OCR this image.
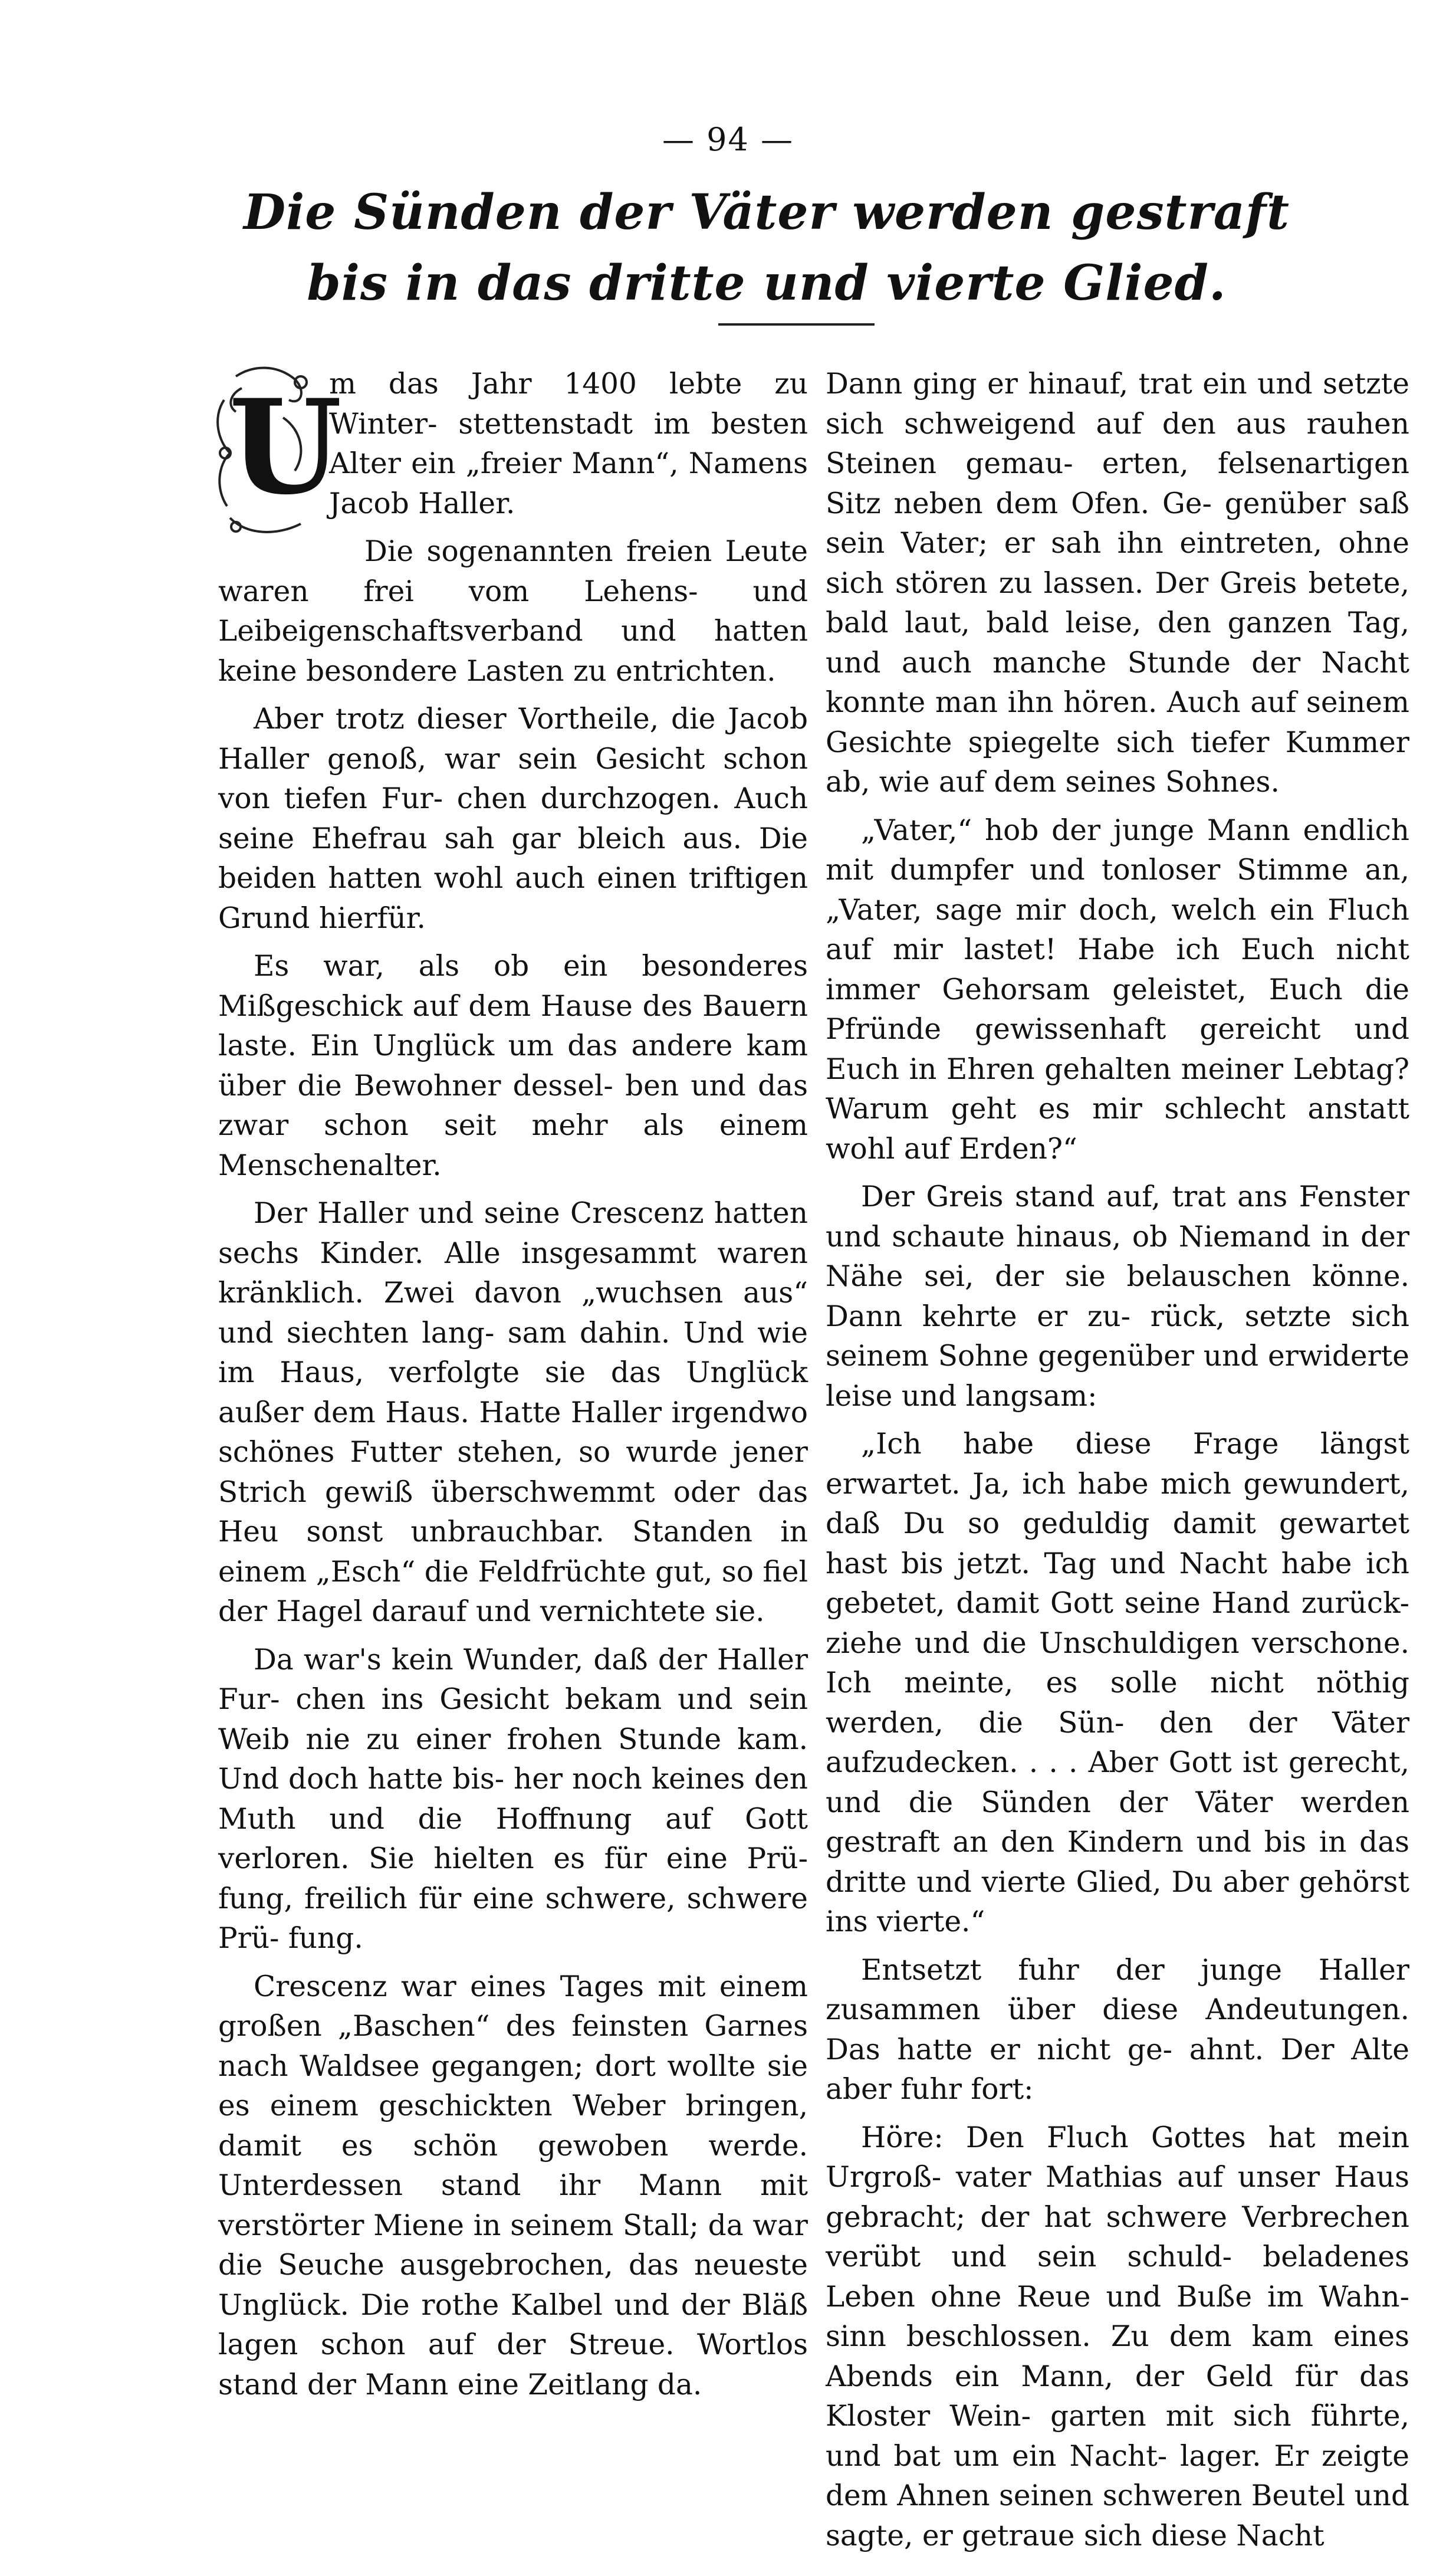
— 94 —
Die Sünden der Väter werden gestraft bis in das dritte und vierte Glied.

U
m das Jahr 1400 lebte zu Winter- stettenstadt im besten Alter ein „freier Mann“, Namens Jacob Haller.

Die sogenannten freien Leute waren frei vom Lehens- und Leibeigenschaftsverband und hatten keine besondere Lasten zu entrichten.

Aber trotz dieser Vortheile, die Jacob Haller genoß, war sein Gesicht schon von tiefen Fur- chen durchzogen. Auch seine Ehefrau sah gar bleich aus. Die beiden hatten wohl auch einen triftigen Grund hierfür.

Es war, als ob ein besonderes Mißgeschick auf dem Hause des Bauern laste. Ein Unglück um das andere kam über die Bewohner dessel- ben und das zwar schon seit mehr als einem Menschenalter.

Der Haller und seine Crescenz hatten sechs Kinder. Alle insgesammt waren kränklich. Zwei davon „wuchsen aus“ und siechten lang- sam dahin. Und wie im Haus, verfolgte sie das Unglück außer dem Haus. Hatte Haller irgendwo schönes Futter stehen, so wurde jener Strich gewiß überschwemmt oder das Heu sonst unbrauchbar. Standen in einem „Esch“ die Feldfrüchte gut, so fiel der Hagel darauf und vernichtete sie.

Da war's kein Wunder, daß der Haller Fur- chen ins Gesicht bekam und sein Weib nie zu einer frohen Stunde kam. Und doch hatte bis- her noch keines den Muth und die Hoffnung auf Gott verloren. Sie hielten es für eine Prü- fung, freilich für eine schwere, schwere Prü- fung.

Crescenz war eines Tages mit einem großen „Baschen“ des feinsten Garnes nach Waldsee gegangen; dort wollte sie es einem geschickten Weber bringen, damit es schön gewoben werde. Unterdessen stand ihr Mann mit verstörter Miene in seinem Stall; da war die Seuche ausgebrochen, das neueste Unglück. Die rothe Kalbel und der Bläß lagen schon auf der Streue. Wortlos stand der Mann eine Zeitlang da.

Dann ging er hinauf, trat ein und setzte sich schweigend auf den aus rauhen Steinen gemau- erten, felsenartigen Sitz neben dem Ofen. Ge- genüber saß sein Vater; er sah ihn eintreten, ohne sich stören zu lassen. Der Greis betete, bald laut, bald leise, den ganzen Tag, und auch manche Stunde der Nacht konnte man ihn hören. Auch auf seinem Gesichte spiegelte sich tiefer Kummer ab, wie auf dem seines Sohnes.

„Vater,“ hob der junge Mann endlich mit dumpfer und tonloser Stimme an, „Vater, sage mir doch, welch ein Fluch auf mir lastet! Habe ich Euch nicht immer Gehorsam geleistet, Euch die Pfründe gewissenhaft gereicht und Euch in Ehren gehalten meiner Lebtag? Warum geht es mir schlecht anstatt wohl auf Erden?“

Der Greis stand auf, trat ans Fenster und schaute hinaus, ob Niemand in der Nähe sei, der sie belauschen könne. Dann kehrte er zu- rück, setzte sich seinem Sohne gegenüber und erwiderte leise und langsam:

„Ich habe diese Frage längst erwartet. Ja, ich habe mich gewundert, daß Du so geduldig damit gewartet hast bis jetzt. Tag und Nacht habe ich gebetet, damit Gott seine Hand zurück- ziehe und die Unschuldigen verschone. Ich meinte, es solle nicht nöthig werden, die Sün- den der Väter aufzudecken. . . . Aber Gott ist gerecht, und die Sünden der Väter werden gestraft an den Kindern und bis in das dritte und vierte Glied, Du aber gehörst ins vierte.“

Entsetzt fuhr der junge Haller zusammen über diese Andeutungen. Das hatte er nicht ge- ahnt. Der Alte aber fuhr fort:

Höre: Den Fluch Gottes hat mein Urgroß- vater Mathias auf unser Haus gebracht; der hat schwere Verbrechen verübt und sein schuld- beladenes Leben ohne Reue und Buße im Wahn- sinn beschlossen. Zu dem kam eines Abends ein Mann, der Geld für das Kloster Wein- garten mit sich führte, und bat um ein Nacht- lager. Er zeigte dem Ahnen seinen schweren Beutel und sagte, er getraue sich diese Nacht
